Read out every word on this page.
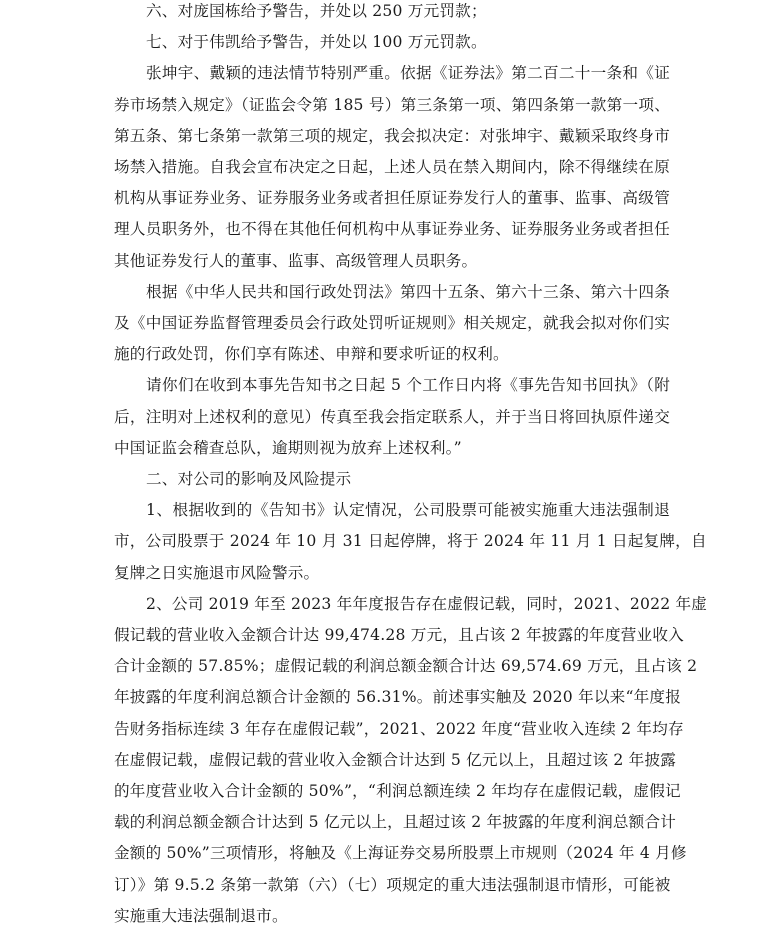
六、对庞国栋给予警告，并处以 250 万元罚款；

七、对于伟凯给予警告，并处以 100 万元罚款。

张坤宇、戴颖的违法情节特别严重。依据《证券法》第二百二十一条和《证
券市场禁入规定》（证监会令第 185 号）第三条第一项、第四条第一款第一项、
第五条、第七条第一款第三项的规定，我会拟决定：对张坤宇、戴颖采取终身市
场禁入措施。自我会宣布决定之日起，上述人员在禁入期间内，除不得继续在原
机构从事证券业务、证券服务业务或者担任原证券发行人的董事、监事、高级管
理人员职务外，也不得在其他任何机构中从事证券业务、证券服务业务或者担任
其他证券发行人的董事、监事、高级管理人员职务。

根据《中华人民共和国行政处罚法》第四十五条、第六十三条、第六十四条
及《中国证券监督管理委员会行政处罚听证规则》相关规定，就我会拟对你们实
施的行政处罚，你们享有陈述、申辩和要求听证的权利。

请你们在收到本事先告知书之日起 5 个工作日内将《事先告知书回执》（附
后，注明对上述权利的意见）传真至我会指定联系人，并于当日将回执原件递交
中国证监会稽查总队，逾期则视为放弃上述权利。”

二、对公司的影响及风险提示

1、根据收到的《告知书》认定情况，公司股票可能被实施重大违法强制退
市，公司股票于 2024 年 10 月 31 日起停牌，将于 2024 年 11 月 1 日起复牌，自
复牌之日实施退市风险警示。

2、公司 2019 年至 2023 年年度报告存在虚假记载，同时，2021、2022 年虚
假记载的营业收入金额合计达 99,474.28 万元，且占该 2 年披露的年度营业收入
合计金额的 57.85%；虚假记载的利润总额金额合计达 69,574.69 万元，且占该 2
年披露的年度利润总额合计金额的 56.31%。前述事实触及 2020 年以来“年度报
告财务指标连续 3 年存在虚假记载”，2021、2022 年度“营业收入连续 2 年均存
在虚假记载，虚假记载的营业收入金额合计达到 5 亿元以上，且超过该 2 年披露
的年度营业收入合计金额的 50%”，“利润总额连续 2 年均存在虚假记载，虚假记
载的利润总额金额合计达到 5 亿元以上，且超过该 2 年披露的年度利润总额合计
金额的 50%”三项情形，将触及《上海证券交易所股票上市规则（2024 年 4 月修
订）》第 9.5.2 条第一款第（六）（七）项规定的重大违法强制退市情形，可能被
实施重大违法强制退市。
